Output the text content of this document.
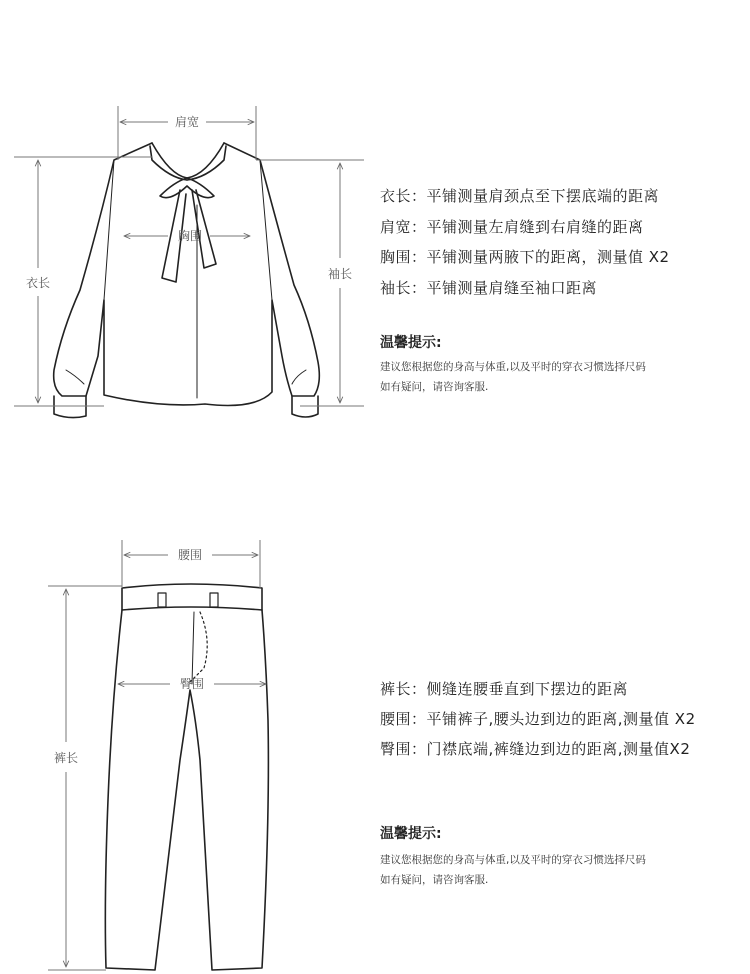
肩宽
胸围
衣长
袖长
腰围
臀围
裤长
衣长：平铺测量肩颈点至下摆底端的距离
肩宽：平铺测量左肩缝到右肩缝的距离
胸围：平铺测量两腋下的距离，测量值 X2
袖长：平铺测量肩缝至袖口距离
温馨提示:
建议您根据您的身高与体重,以及平时的穿衣习惯选择尺码
如有疑问，请咨询客服.
裤长：侧缝连腰垂直到下摆边的距离
腰围：平铺裤子,腰头边到边的距离,测量值 X2
臀围：门襟底端,裤缝边到边的距离,测量值X2
温馨提示:
建议您根据您的身高与体重,以及平时的穿衣习惯选择尺码
如有疑问，请咨询客服.
